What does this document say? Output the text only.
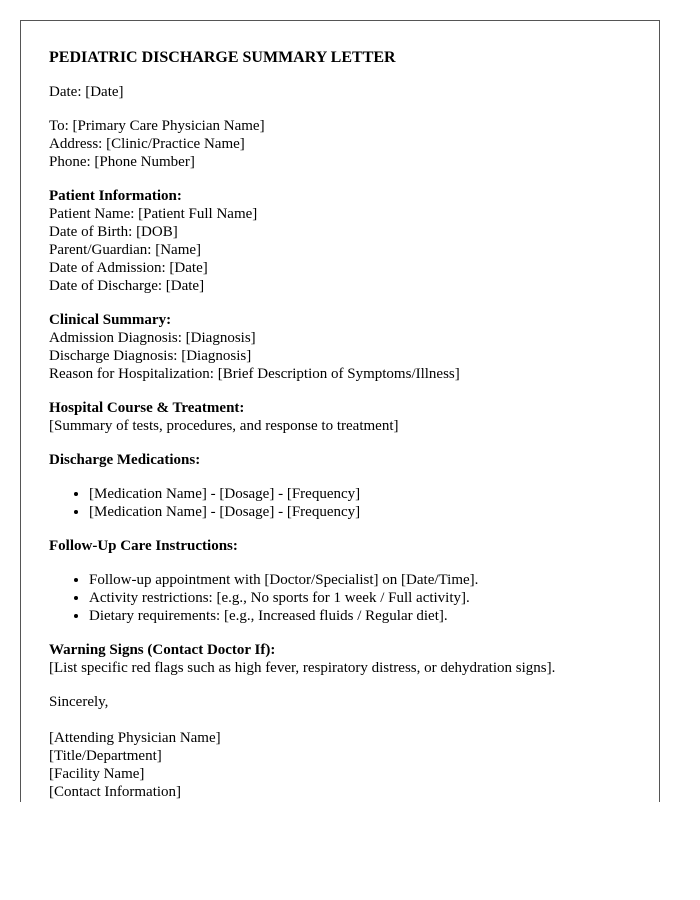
PEDIATRIC DISCHARGE SUMMARY LETTER
Date: [Date]
To: [Primary Care Physician Name]
Address: [Clinic/Practice Name]
Phone: [Phone Number]
Patient Information:
Patient Name: [Patient Full Name]
Date of Birth: [DOB]
Parent/Guardian: [Name]
Date of Admission: [Date]
Date of Discharge: [Date]
Clinical Summary:
Admission Diagnosis: [Diagnosis]
Discharge Diagnosis: [Diagnosis]
Reason for Hospitalization: [Brief Description of Symptoms/Illness]
Hospital Course & Treatment:
[Summary of tests, procedures, and response to treatment]
Discharge Medications:
• [Medication Name] - [Dosage] - [Frequency]
• [Medication Name] - [Dosage] - [Frequency]
Follow-Up Care Instructions:
• Follow-up appointment with [Doctor/Specialist] on [Date/Time].
• Activity restrictions: [e.g., No sports for 1 week / Full activity].
• Dietary requirements: [e.g., Increased fluids / Regular diet].
Warning Signs (Contact Doctor If):
[List specific red flags such as high fever, respiratory distress, or dehydration signs].
Sincerely,
[Attending Physician Name]
[Title/Department]
[Facility Name]
[Contact Information]
